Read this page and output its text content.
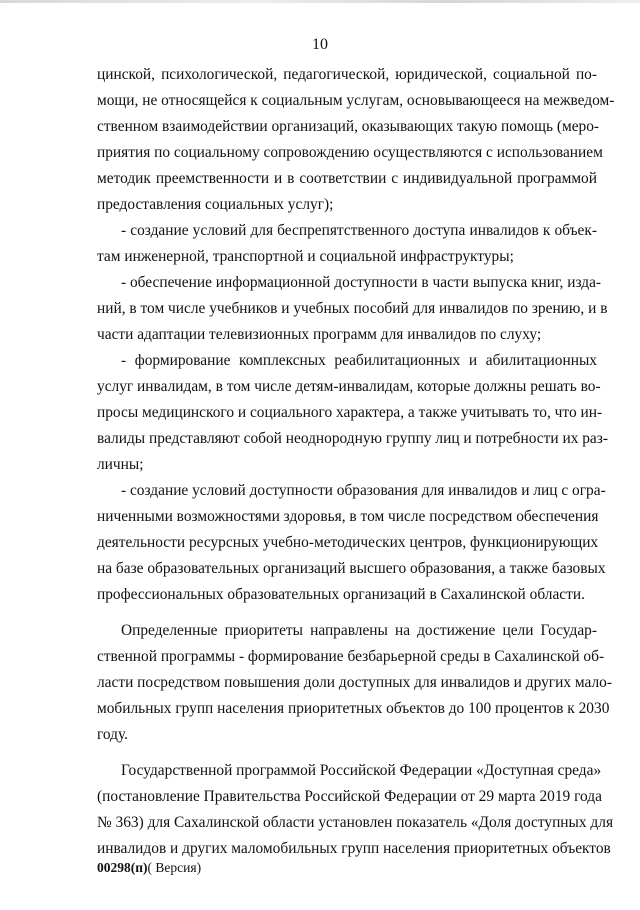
10
цинской, психологической, педагогической, юридической, социальной по-
мощи, не относящейся к социальным услугам, основывающееся на межведом-
ственном взаимодействии организаций, оказывающих такую помощь (меро-
приятия по социальному сопровождению осуществляются с использованием
методик преемственности и в соответствии с индивидуальной программой
предоставления социальных услуг);
- создание условий для беспрепятственного доступа инвалидов к объек-
там инженерной, транспортной и социальной инфраструктуры;
- обеспечение информационной доступности в части выпуска книг, изда-
ний, в том числе учебников и учебных пособий для инвалидов по зрению, и в
части адаптации телевизионных программ для инвалидов по слуху;
- формирование комплексных реабилитационных и абилитационных
услуг инвалидам, в том числе детям-инвалидам, которые должны решать во-
просы медицинского и социального характера, а также учитывать то, что ин-
валиды представляют собой неоднородную группу лиц и потребности их раз-
личны;
- создание условий доступности образования для инвалидов и лиц с огра-
ниченными возможностями здоровья, в том числе посредством обеспечения
деятельности ресурсных учебно-методических центров, функционирующих
на базе образовательных организаций высшего образования, а также базовых
профессиональных образовательных организаций в Сахалинской области.
Определенные приоритеты направлены на достижение цели Государ-
ственной программы - формирование безбарьерной среды в Сахалинской об-
ласти посредством повышения доли доступных для инвалидов и других мало-
мобильных групп населения приоритетных объектов до 100 процентов к 2030
году.
Государственной программой Российской Федерации «Доступная среда»
(постановление Правительства Российской Федерации от 29 марта 2019 года
№ 363) для Сахалинской области установлен показатель «Доля доступных для
инвалидов и других маломобильных групп населения приоритетных объектов
00298(п)( Версия)
